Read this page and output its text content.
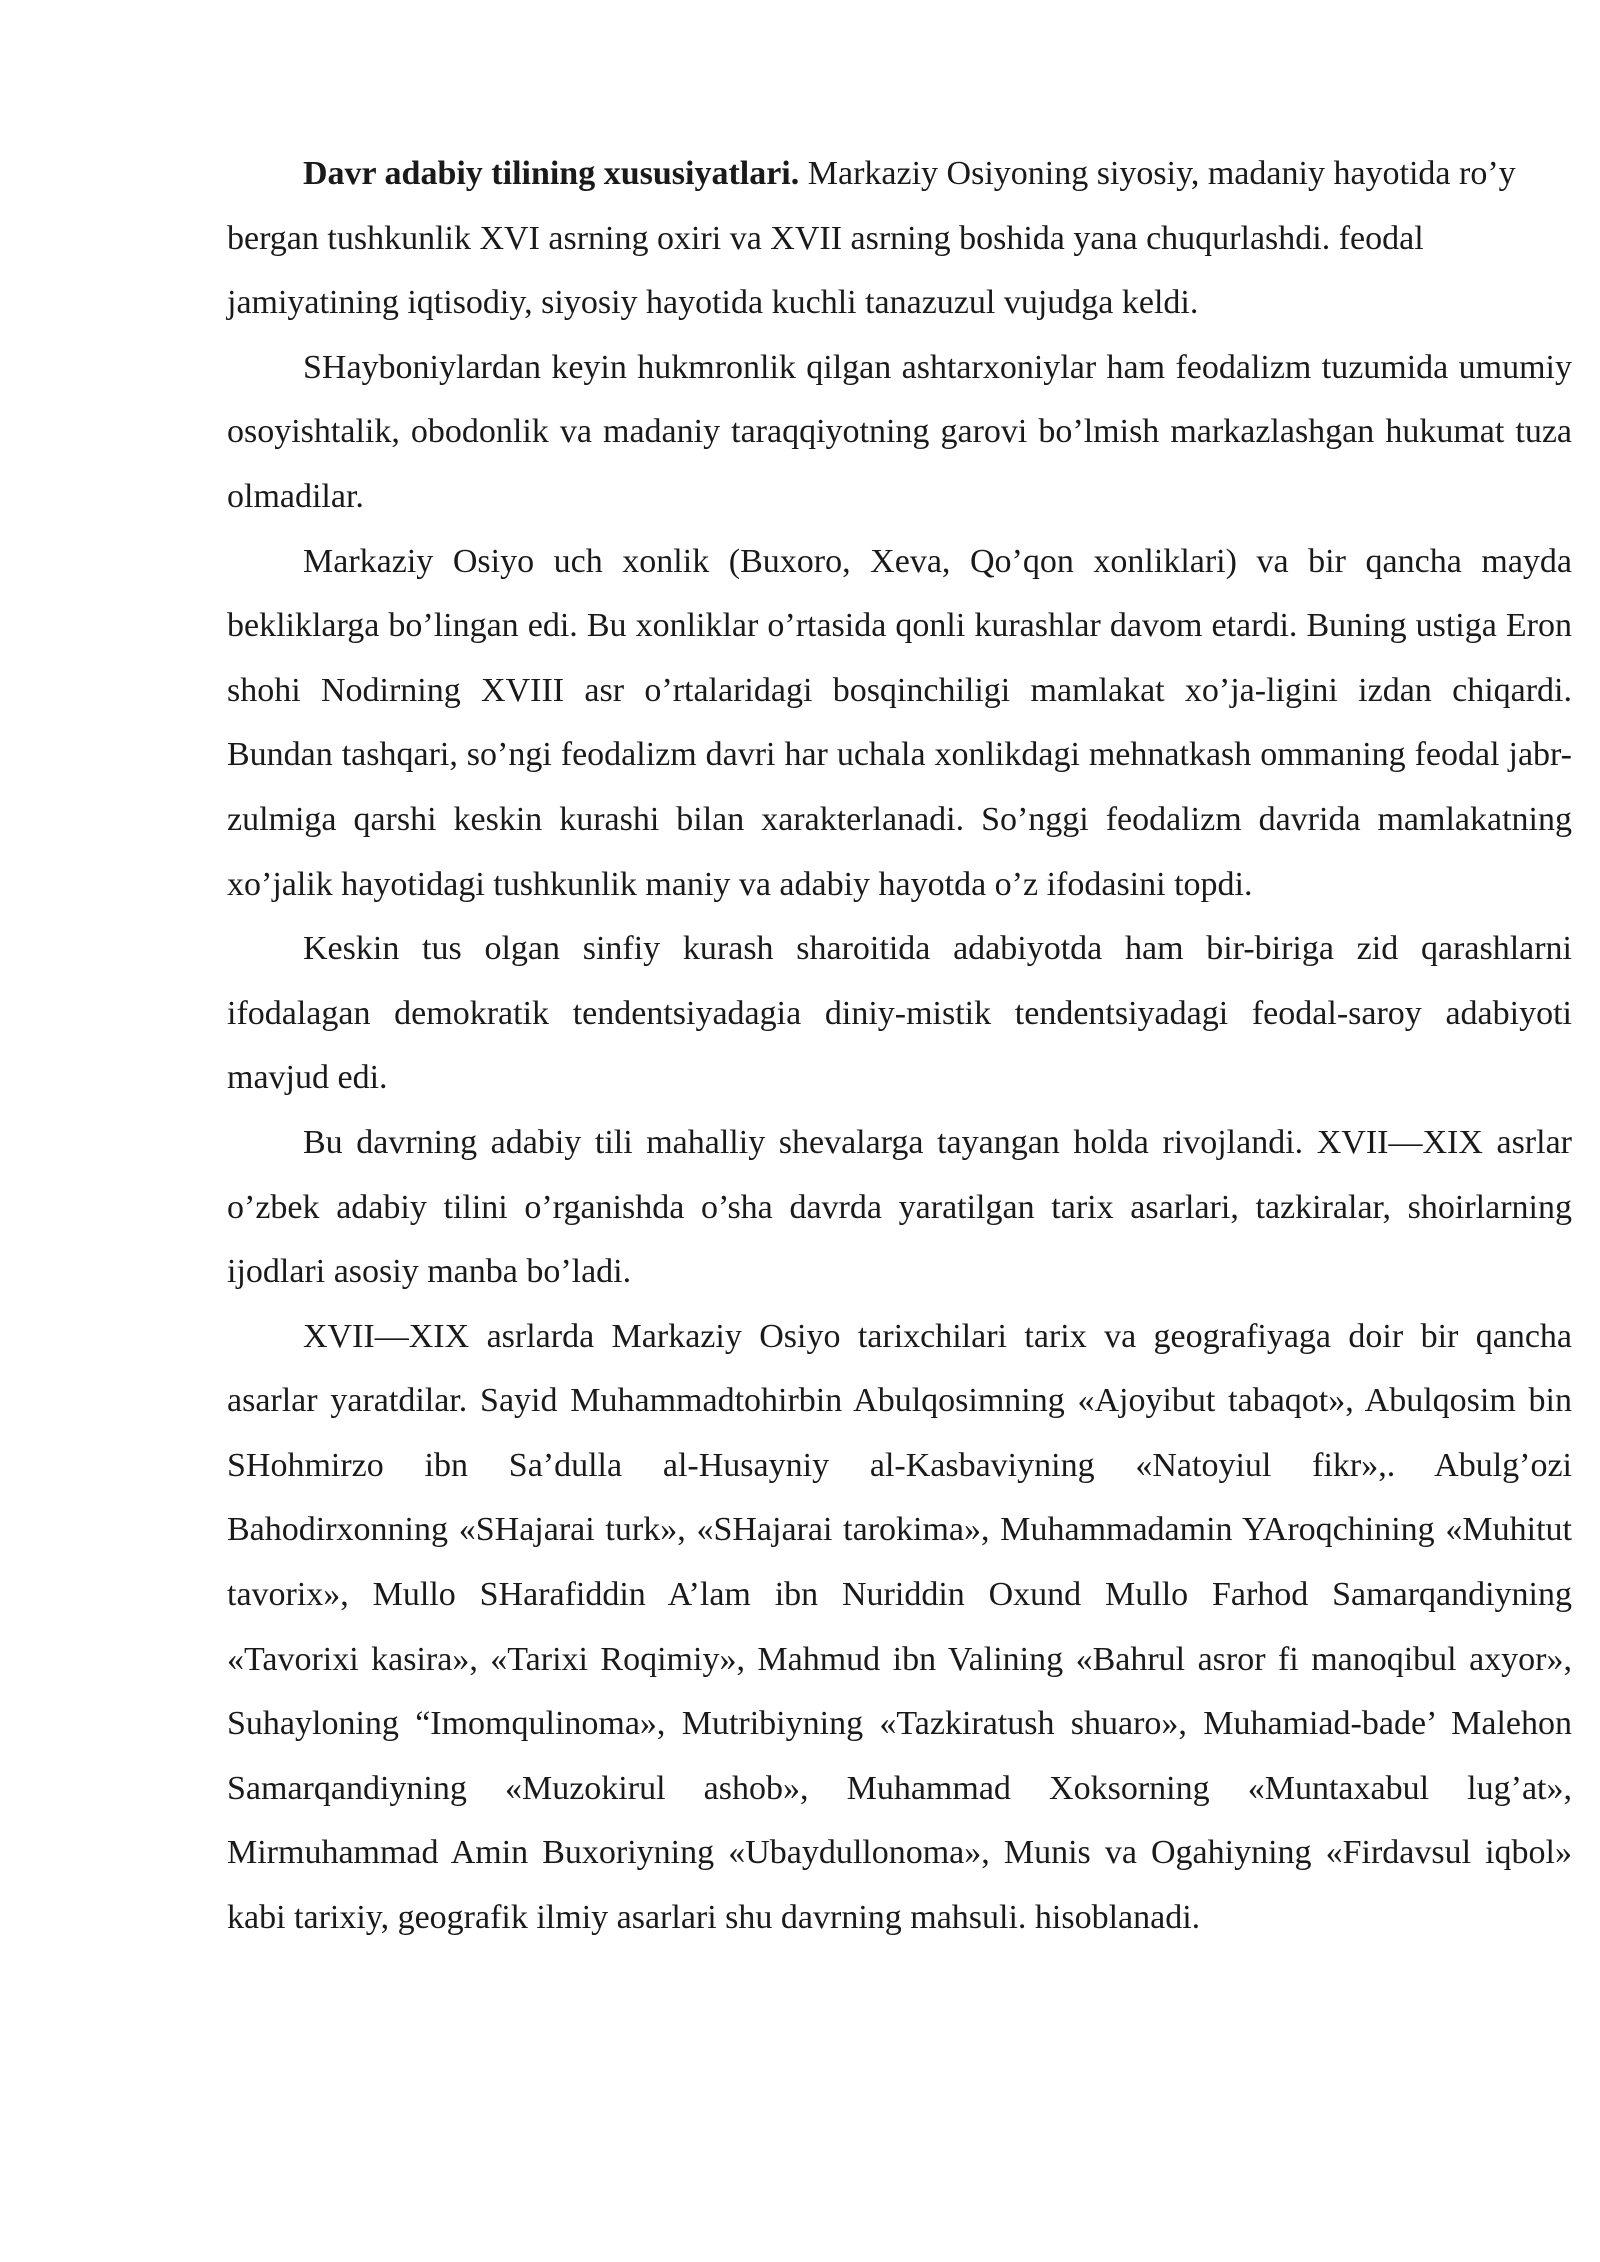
Davr adabiy tilining xususiyatlari. Markaziy Osiyoning siyosiy, madaniy hayotida ro’y bergan tushkunlik XVI asrning oxiri va XVII asrning boshida yana chuqurlashdi. feodal jamiyatining iqtisodiy, siyosiy hayotida kuchli tanazuzul vujudga keldi.

SHayboniylardan keyin hukmronlik qilgan ashtarxoniylar ham feodalizm tuzumida umumiy osoyishtalik, obodonlik va madaniy taraqqiyotning garovi bo’lmish markazlashgan hukumat tuza olmadilar.

Markaziy Osiyo uch xonlik (Buxoro, Xeva, Qo’qon xonliklari) va bir qancha mayda bekliklarga bo’lingan edi. Bu xonliklar o’rtasida qonli kurashlar davom etardi. Buning ustiga Eron shohi Nodirning XVIII asr o’rtalaridagi bosqinchiligi mamlakat xo’ja-ligini izdan chiqardi. Bundan tashqari, so’ngi feodalizm davri har uchala xonlikdagi mehnatkash ommaning feodal jabr-zulmiga qarshi keskin kurashi bilan xarakterlanadi. So’nggi feodalizm davrida mamlakatning xo’jalik hayotidagi tushkunlik maniy va adabiy hayotda o’z ifodasini topdi.

Keskin tus olgan sinfiy kurash sharoitida adabiyotda ham bir-biriga zid qarashlarni ifodalagan demokratik tendentsiyadagia diniy-mistik tendentsiyadagi feodal-saroy adabiyoti mavjud edi.

Bu davrning adabiy tili mahalliy shevalarga tayangan holda rivojlandi. XVII—XIX asrlar o’zbek adabiy tilini o’rganishda o’sha davrda yaratilgan tarix asarlari, tazkiralar, shoirlarning ijodlari asosiy manba bo’ladi.

XVII—XIX asrlarda Markaziy Osiyo tarixchilari tarix va geografiyaga doir bir qancha asarlar yaratdilar. Sayid Muhammadtohirbin Abulqosimning «Ajoyibut tabaqot», Abulqosim bin SHohmirzo ibn Sa’dulla al-Husayniy al-Kasbaviyning «Natoyiul fikr»,. Abulg’ozi Bahodirxonning «SHajarai turk», «SHajarai tarokima», Muhammadamin YAroqchining «Muhitut tavorix», Mullo SHarafiddin A’lam ibn Nuriddin Oxund Mullo Farhod Samarqandiyning «Tavorixi kasira», «Tarixi Roqimiy», Mahmud ibn Valining «Bahrul asror fi manoqibul axyor», Suhayloning “Imomqulinoma», Mutribiyning «Tazkiratush shuaro», Muhamiad-bade’ Malehon Samarqandiyning «Muzokirul ashob», Muhammad Xoksorning «Muntaxabul lug’at», Mirmuhammad Amin Buxoriyning «Ubaydullonoma», Munis va Ogahiyning «Firdavsul iqbol» kabi tarixiy, geografik ilmiy asarlari shu davrning mahsuli. hisoblanadi.
